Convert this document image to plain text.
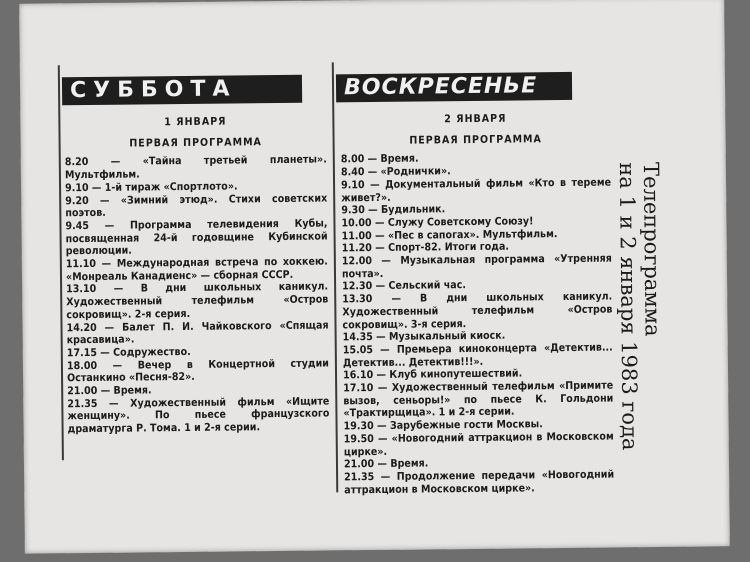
СУББОТА	ВОСКРЕСЕНЬЕ
1 ЯНВАРЯ
ПЕРВАЯ ПРОГРАММА
8.20 — «Тайна третьей планеты». Мультфильм.
9.10 — 1-й тираж «Спортлото».
9.20 — «Зимний этюд». Стихи советских поэтов.
9.45 — Программа телевидения Кубы, посвященная 24-й годовщине Кубинской революции.
11.10 — Международная встреча по хоккею. «Монреаль Канадиенс» — сборная СССР.
13.10 — В дни школьных каникул. Художественный телефильм «Остров сокровищ». 2-я серия.
14.20 — Балет П. И. Чайковского «Спящая красавица».
17.15 — Содружество.
18.00 — Вечер в Концертной студии Останкино «Песня-82».
21.00 — Время.
21.35 — Художественный фильм «Ищите женщину». По пьесе французского драматурга Р. Тома. 1 и 2-я серии.
2 ЯНВАРЯ
ПЕРВАЯ ПРОГРАММА
8.00 — Время.
8.40 — «Роднички».
9.10 — Документальный фильм «Кто в тереме живет?».
9.30 — Будильник.
10.00 — Служу Советскому Союзу!
11.00 — «Пес в сапогах». Мультфильм.
11.20 — Спорт-82. Итоги года.
12.00 — Музыкальная программа «Утренняя почта».
12.30 — Сельский час.
13.30 — В дни школьных каникул. Художественный телефильм «Остров сокровищ». 3-я серия.
14.35 — Музыкальный киоск.
15.05 — Премьера киноконцерта «Детектив... Детектив... Детектив!!!».
16.10 — Клуб кинопутешествий.
17.10 — Художественный телефильм «Примите вызов, сеньоры!» по пьесе К. Гольдони «Трактирщица». 1 и 2-я серии.
19.30 — Зарубежные гости Москвы.
19.50 — «Новогодний аттракцион в Московском цирке».
21.00 — Время.
21.35 — Продолжение передачи «Новогодний аттракцион в Московском цирке».
Телепрограмма
на 1 и 2 января 1983 года
